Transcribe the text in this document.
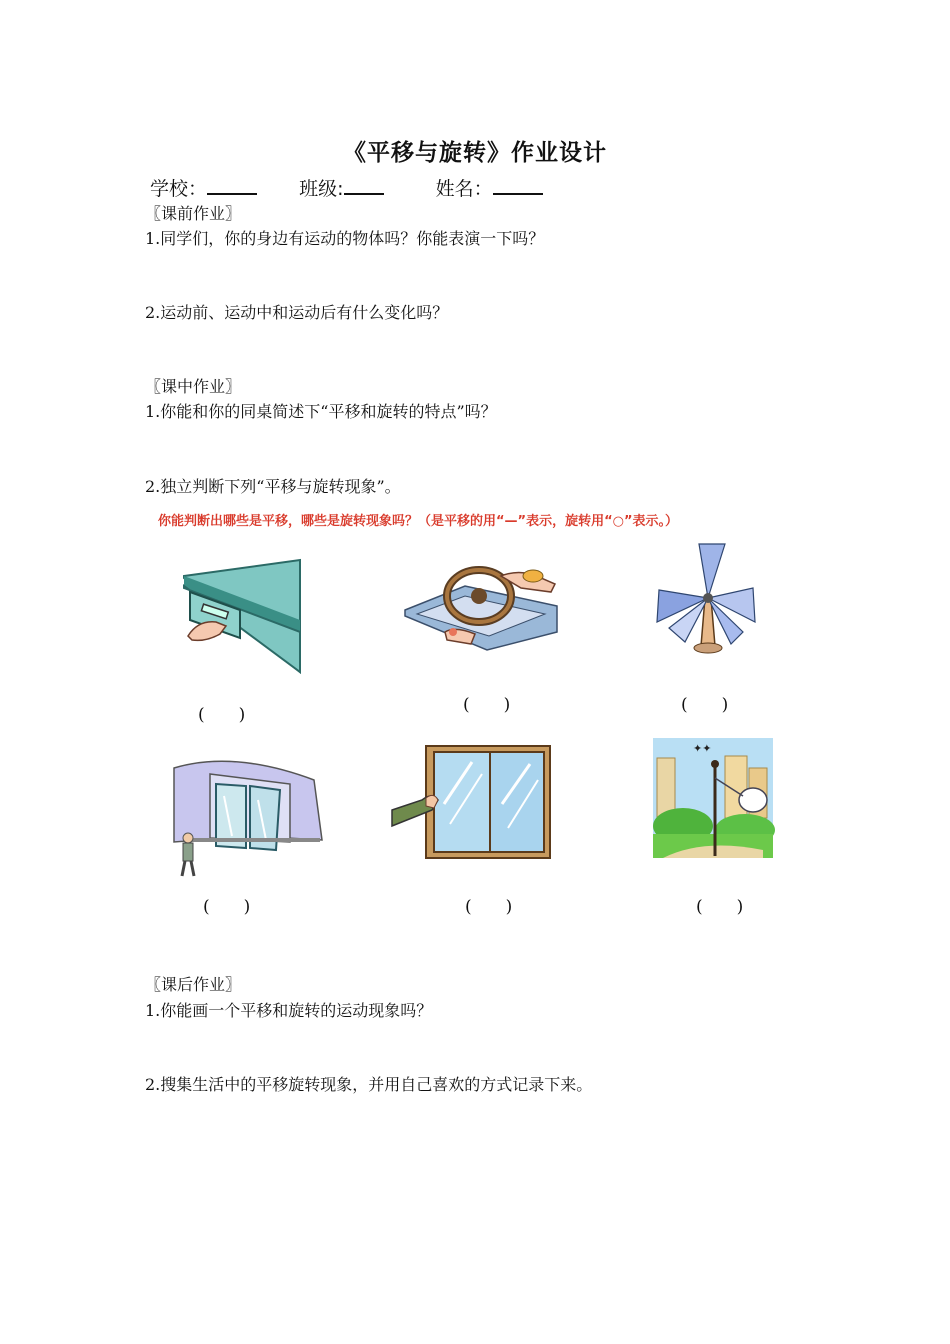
《平移与旋转》作业设计
学校：	班级:	姓名：
〖课前作业〗
1.同学们，你的身边有运动的物体吗？你能表演一下吗？
2.运动前、运动中和运动后有什么变化吗？
〖课中作业〗
1.你能和你的同桌简述下“平移和旋转的特点”吗？
2.独立判断下列“平移与旋转现象”。
你能判断出哪些是平移，哪些是旋转现象吗？（是平移的用“—”表示，旋转用“○”表示。）
(　　)	(　　)	(　　)
(　　)	(　　)
✦✦
(　　)
〖课后作业〗
1.你能画一个平移和旋转的运动现象吗？
2.搜集生活中的平移旋转现象，并用自己喜欢的方式记录下来。
